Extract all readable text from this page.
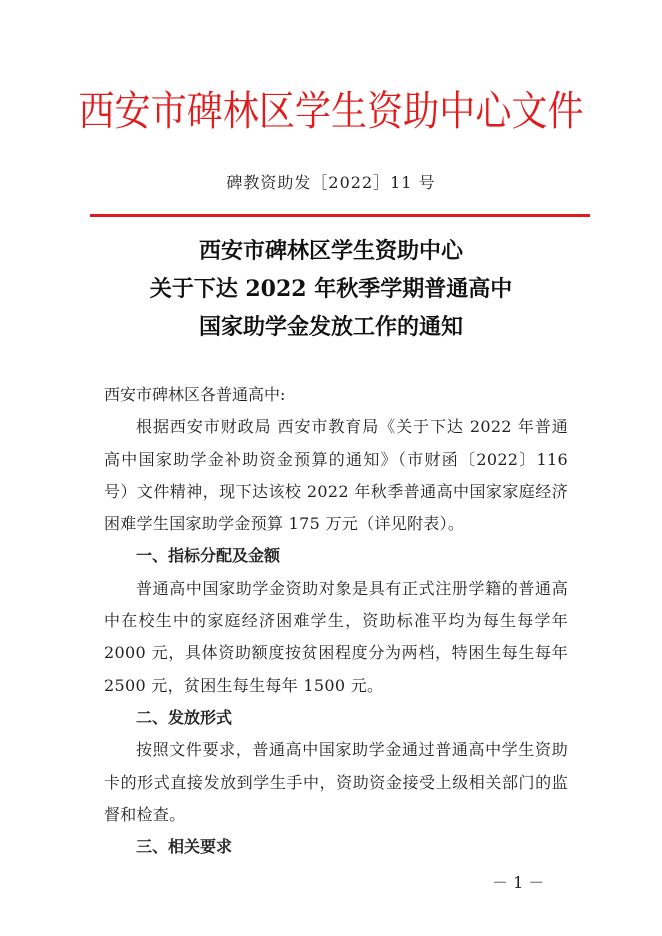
西安市碑林区学生资助中心文件
碑教资助发［2022］11 号
西安市碑林区学生资助中心
关于下达 2022 年秋季学期普通高中
国家助学金发放工作的通知

西安市碑林区各普通高中:

根据西安市财政局 西安市教育局《关于下达 2022 年普通高中国家助学金补助资金预算的通知》（市财函〔2022〕116 号）文件精神，现下达该校 2022 年秋季普通高中国家家庭经济困难学生国家助学金预算 175 万元（详见附表）。

一、指标分配及金额

普通高中国家助学金资助对象是具有正式注册学籍的普通高中在校生中的家庭经济困难学生，资助标准平均为每生每学年 2000 元，具体资助额度按贫困程度分为两档，特困生每生每年 2500 元，贫困生每生每年 1500 元。

二、发放形式

按照文件要求，普通高中国家助学金通过普通高中学生资助卡的形式直接发放到学生手中，资助资金接受上级相关部门的监督和检查。

三、相关要求

－ 1 －
